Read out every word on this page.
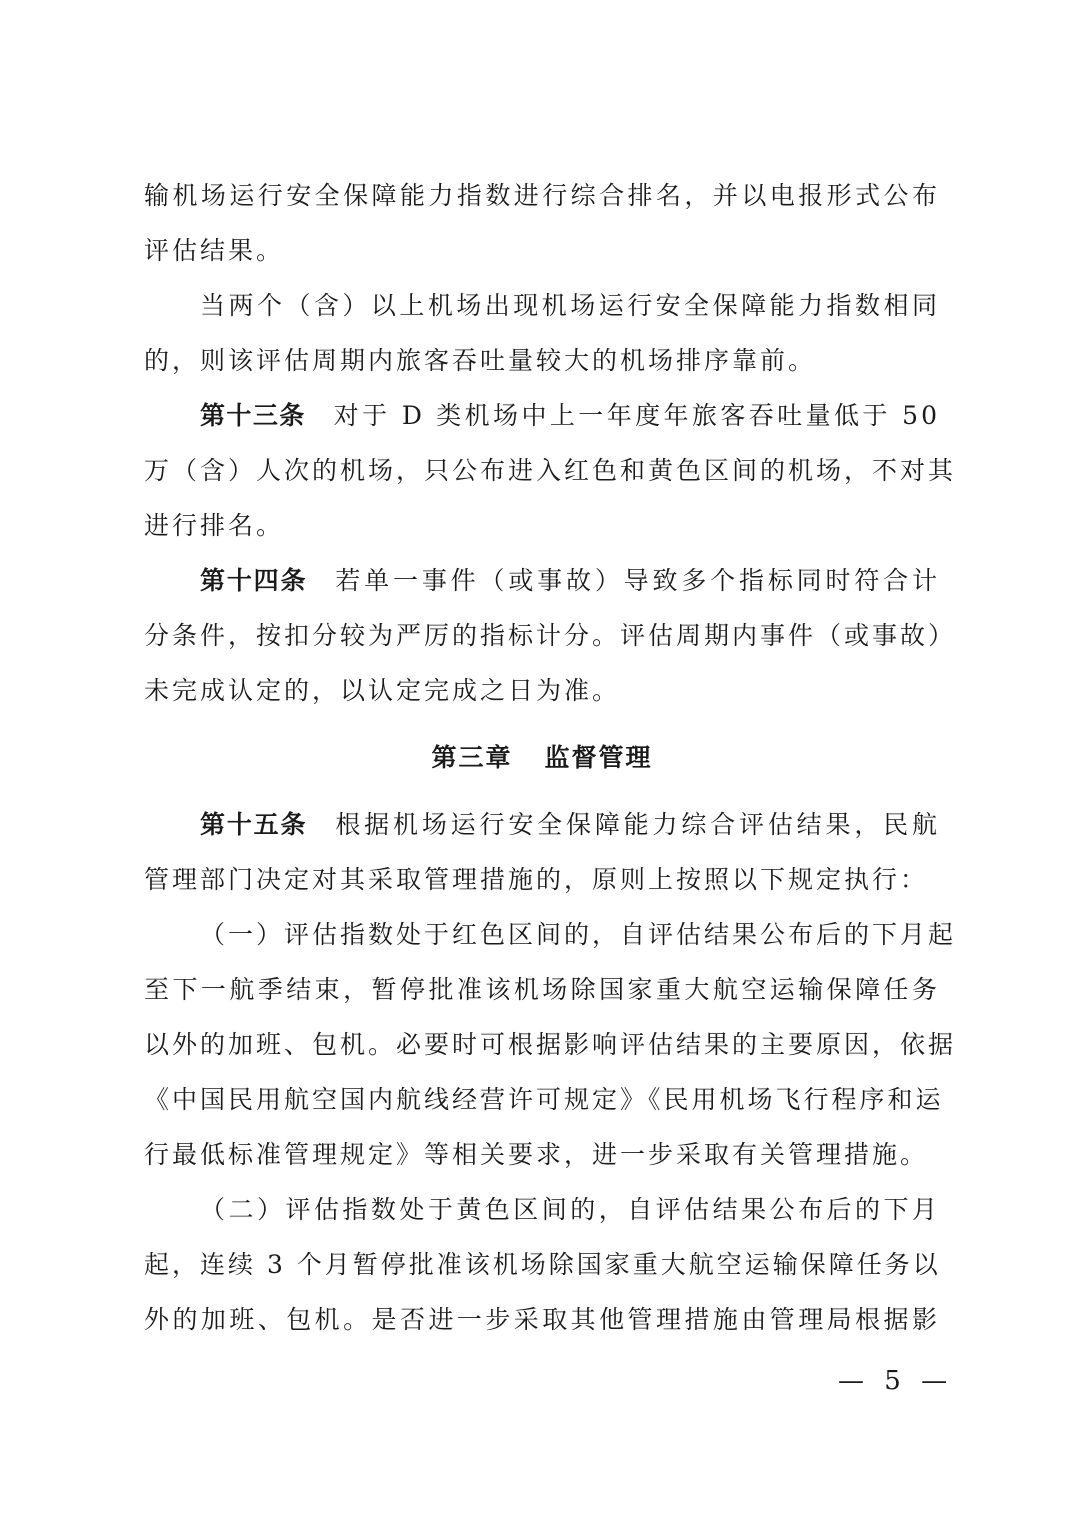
输机场运行安全保障能力指数进行综合排名，并以电报形式公布
评估结果。
当两个（含）以上机场出现机场运行安全保障能力指数相同
的，则该评估周期内旅客吞吐量较大的机场排序靠前。
第十三条 对于 D 类机场中上一年度年旅客吞吐量低于 50
万（含）人次的机场，只公布进入红色和黄色区间的机场，不对其
进行排名。
第十四条 若单一事件（或事故）导致多个指标同时符合计
分条件，按扣分较为严厉的指标计分。评估周期内事件（或事故）
未完成认定的，以认定完成之日为准。
第三章 监督管理
第十五条 根据机场运行安全保障能力综合评估结果，民航
管理部门决定对其采取管理措施的，原则上按照以下规定执行：
（一）评估指数处于红色区间的，自评估结果公布后的下月起
至下一航季结束，暂停批准该机场除国家重大航空运输保障任务
以外的加班、包机。必要时可根据影响评估结果的主要原因，依据
《中国民用航空国内航线经营许可规定》《民用机场飞行程序和运
行最低标准管理规定》等相关要求，进一步采取有关管理措施。
（二）评估指数处于黄色区间的，自评估结果公布后的下月
起，连续 3 个月暂停批准该机场除国家重大航空运输保障任务以
外的加班、包机。是否进一步采取其他管理措施由管理局根据影
— 5 —
